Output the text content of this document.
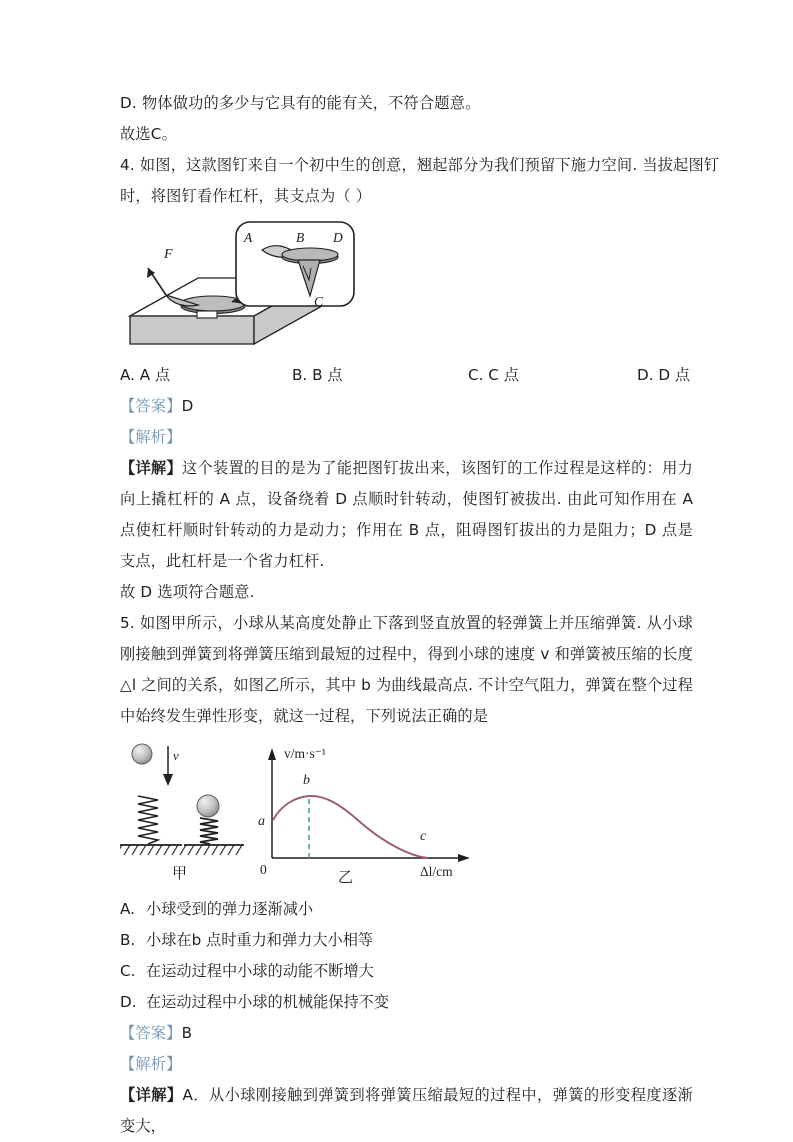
D. 物体做功的多少与它具有的能有关，不符合题意。
故选C。
4. 如图，这款图钉来自一个初中生的创意，翘起部分为我们预留下施力空间. 当拔起图钉
时，将图钉看作杠杆，其支点为（ ）
F
A	B D
C
A. A 点	B. B 点	C. C 点	D. D 点
【答案】D
【解析】
【详解】这个装置的目的是为了能把图钉拔出来，该图钉的工作过程是这样的：用力向上撬杠杆的 A 点，设备绕着 D 点顺时针转动，使图钉被拔出. 由此可知作用在 A 点使杠杆顺时针转动的力是动力；作用在 B 点，阻碍图钉拔出的力是阻力；D 点是支点，此杠杆是一个省力杠杆.
故 D 选项符合题意.
5. 如图甲所示，小球从某高度处静止下落到竖直放置的轻弹簧上并压缩弹簧. 从小球刚接触到弹簧到将弹簧压缩到最短的过程中，得到小球的速度 v 和弹簧被压缩的长度△l 之间的关系，如图乙所示，其中 b 为曲线最高点. 不计空气阻力，弹簧在整个过程中始终发生弹性形变，就这一过程，下列说法正确的是
v
甲
v/m·s⁻¹
Δl/cm
0
a
b
c
乙
A. 小球受到的弹力逐渐减小
B. 小球在b 点时重力和弹力大小相等
C. 在运动过程中小球的动能不断增大
D. 在运动过程中小球的机械能保持不变
【答案】B
【解析】
【详解】A．从小球刚接触到弹簧到将弹簧压缩最短的过程中，弹簧的形变程度逐渐变大，
